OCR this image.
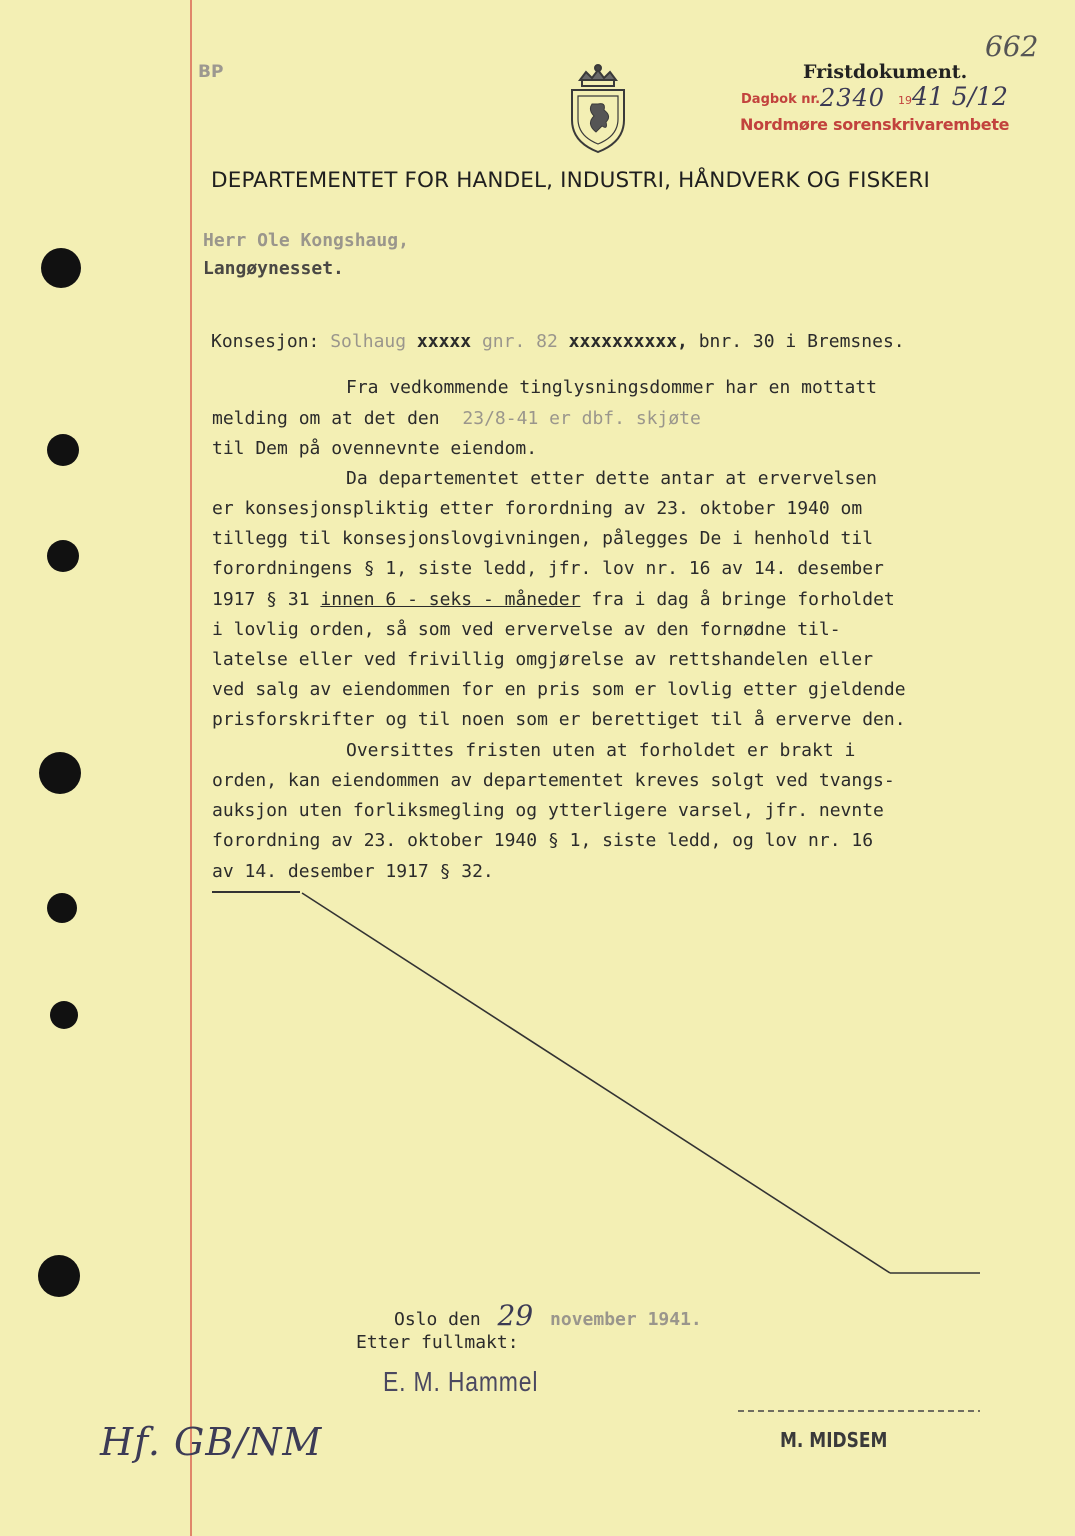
BP
662
Fristdokument.
Dagbok nr. 2340 19 41 5/12
Nordmøre sorenskrivarembete
DEPARTEMENTET FOR HANDEL, INDUSTRI, HÅNDVERK OG FISKERI
Herr Ole Kongshaug,
Langøynesset.
Konsesjon: Solhaug xxxxx gnr. 82 xxxxxxxxxx, bnr. 30 i Bremsnes.
Fra vedkommende tinglysningsdommer har en mottatt
melding om at det den 23/8-41 er dbf. skjøte
til Dem på ovennevnte eiendom.
Da departementet etter dette antar at ervervelsen
er konsesjonspliktig etter forordning av 23. oktober 1940 om
tillegg til konsesjonslovgivningen, pålegges De i henhold til
forordningens § 1, siste ledd, jfr. lov nr. 16 av 14. desember
1917 § 31 innen 6 - seks - måneder fra i dag å bringe forholdet
i lovlig orden, så som ved ervervelse av den fornødne til-
latelse eller ved frivillig omgjørelse av rettshandelen eller
ved salg av eiendommen for en pris som er lovlig etter gjeldende
prisforskrifter og til noen som er berettiget til å erverve den.
Oversittes fristen uten at forholdet er brakt i
orden, kan eiendommen av departementet kreves solgt ved tvangs-
auksjon uten forliksmegling og ytterligere varsel, jfr. nevnte
forordning av 23. oktober 1940 § 1, siste ledd, og lov nr. 16
av 14. desember 1917 § 32.
Oslo den 29 november 1941.
Etter fullmakt:
E. M. Hammel
M. MIDSEM
Hf. GB/NM
